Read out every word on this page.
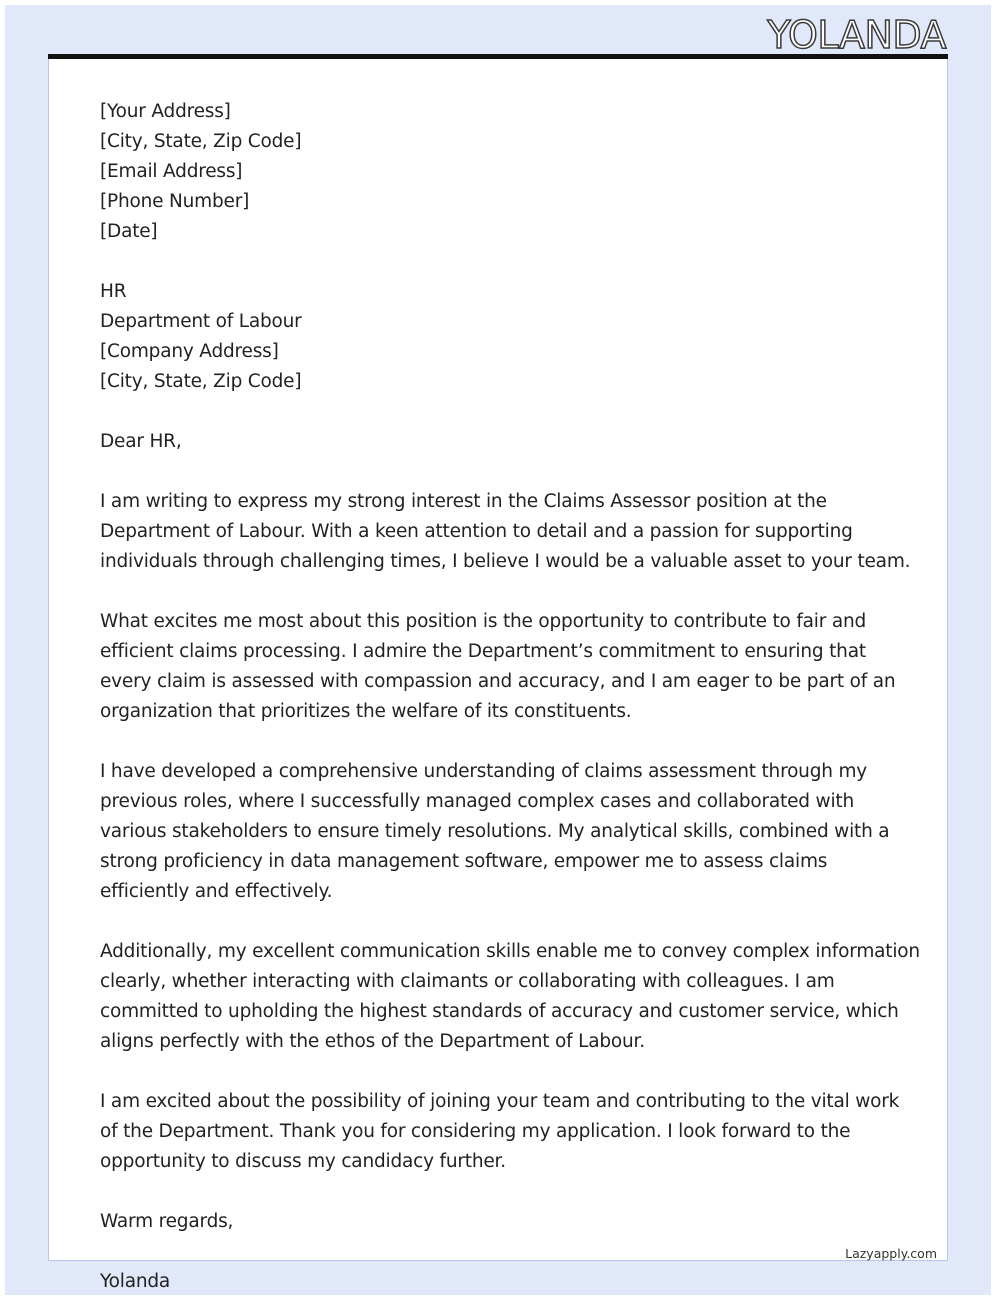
YOLANDA
[Your Address]
[City, State, Zip Code]
[Email Address]
[Phone Number]
[Date]
HR
Department of Labour
[Company Address]
[City, State, Zip Code]
Dear HR,
I am writing to express my strong interest in the Claims Assessor position at the
Department of Labour. With a keen attention to detail and a passion for supporting
individuals through challenging times, I believe I would be a valuable asset to your team.
What excites me most about this position is the opportunity to contribute to fair and
efficient claims processing. I admire the Department’s commitment to ensuring that
every claim is assessed with compassion and accuracy, and I am eager to be part of an
organization that prioritizes the welfare of its constituents.
I have developed a comprehensive understanding of claims assessment through my
previous roles, where I successfully managed complex cases and collaborated with
various stakeholders to ensure timely resolutions. My analytical skills, combined with a
strong proficiency in data management software, empower me to assess claims
efficiently and effectively.
Additionally, my excellent communication skills enable me to convey complex information
clearly, whether interacting with claimants or collaborating with colleagues. I am
committed to upholding the highest standards of accuracy and customer service, which
aligns perfectly with the ethos of the Department of Labour.
I am excited about the possibility of joining your team and contributing to the vital work
of the Department. Thank you for considering my application. I look forward to the
opportunity to discuss my candidacy further.
Warm regards,
Yolanda
Lazyapply.com
